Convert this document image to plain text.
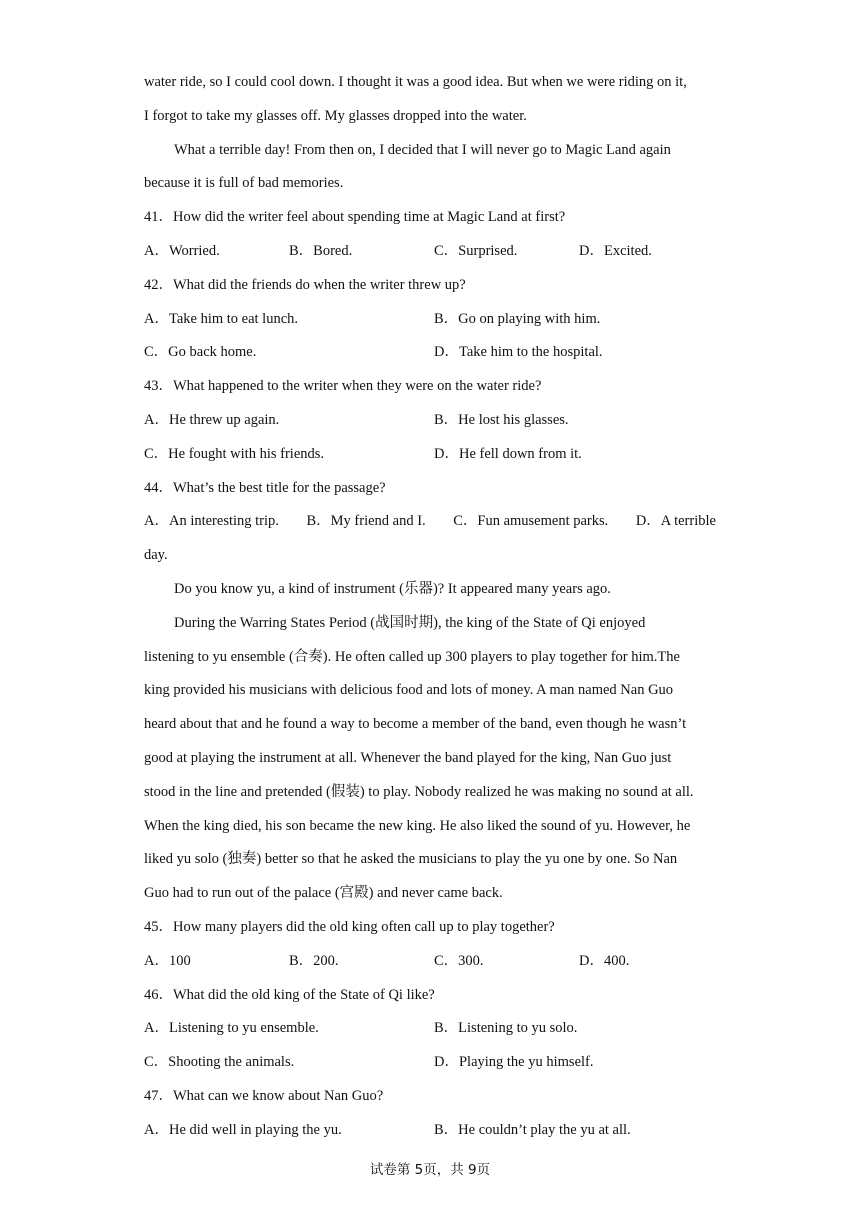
water ride, so I could cool down. I thought it was a good idea. But when we were riding on it,
I forgot to take my glasses off. My glasses dropped into the water.
What a terrible day! From then on, I decided that I will never go to Magic Land again
because it is full of bad memories.
41．How did the writer feel about spending time at Magic Land at first?
A．Worried.	B．Bored.	C．Surprised.	D．Excited.
42．What did the friends do when the writer threw up?
A．Take him to eat lunch.	B．Go on playing with him.
C．Go back home.	D．Take him to the hospital.
43．What happened to the writer when they were on the water ride?
A．He threw up again.	B．He lost his glasses.
C．He fought with his friends.	D．He fell down from it.
44．What’s the best title for the passage?
A．An interesting trip. B．My friend and I. C．Fun amusement parks. D．A terrible
day.
Do you know yu, a kind of instrument (乐器)? It appeared many years ago.
During the Warring States Period (战国时期), the king of the State of Qi enjoyed
listening to yu ensemble (合奏). He often called up 300 players to play together for him.The
king provided his musicians with delicious food and lots of money. A man named Nan Guo
heard about that and he found a way to become a member of the band, even though he wasn’t
good at playing the instrument at all. Whenever the band played for the king, Nan Guo just
stood in the line and pretended (假装) to play. Nobody realized he was making no sound at all.
When the king died, his son became the new king. He also liked the sound of yu. However, he
liked yu solo (独奏) better so that he asked the musicians to play the yu one by one. So Nan
Guo had to run out of the palace (宫殿) and never came back.
45．How many players did the old king often call up to play together?
A．100	B．200.	C．300.	D．400.
46．What did the old king of the State of Qi like?
A．Listening to yu ensemble.	B．Listening to yu solo.
C．Shooting the animals.	D．Playing the yu himself.
47．What can we know about Nan Guo?
A．He did well in playing the yu.	B．He couldn’t play the yu at all.
试卷第 5页，共 9页
